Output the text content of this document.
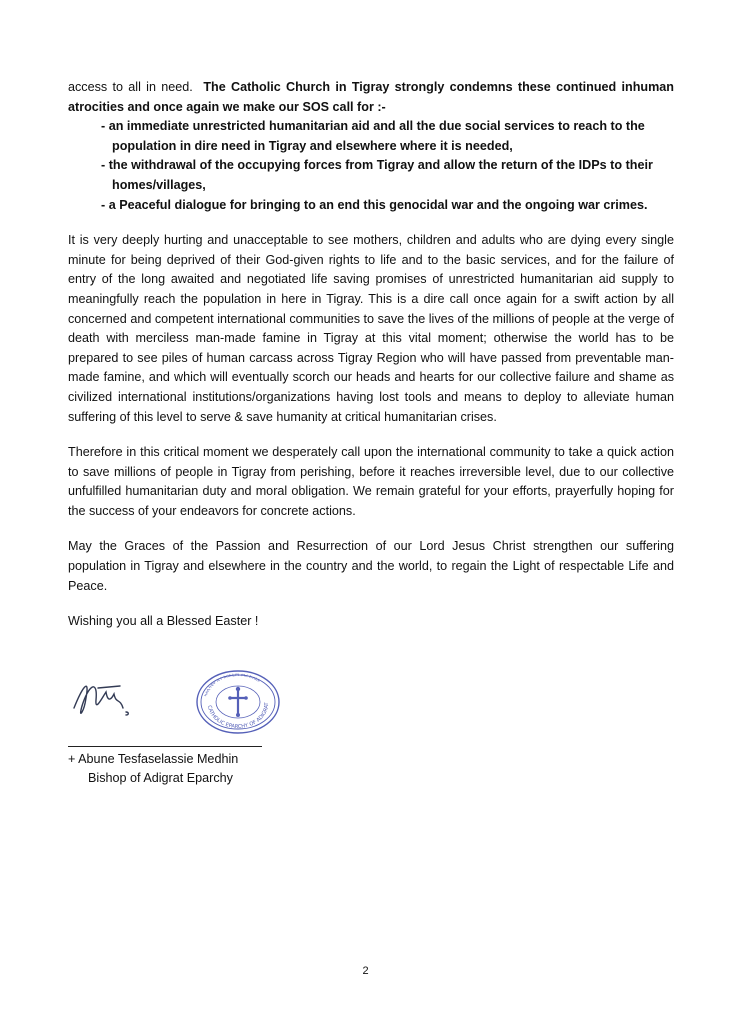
access to all in need. The Catholic Church in Tigray strongly condemns these continued inhuman atrocities and once again we make our SOS call for :-

- an immediate unrestricted humanitarian aid and all the due social services to reach to the population in dire need in Tigray and elsewhere where it is needed,
- the withdrawal of the occupying forces from Tigray and allow the return of the IDPs to their homes/villages,
- a Peaceful dialogue for bringing to an end this genocidal war and the ongoing war crimes.

It is very deeply hurting and unacceptable to see mothers, children and adults who are dying every single minute for being deprived of their God-given rights to life and to the basic services, and for the failure of entry of the long awaited and negotiated life saving promises of unrestricted humanitarian aid supply to meaningfully reach the population in here in Tigray. This is a dire call once again for a swift action by all concerned and competent international communities to save the lives of the millions of people at the verge of death with merciless man-made famine in Tigray at this vital moment; otherwise the world has to be prepared to see piles of human carcass across Tigray Region who will have passed from preventable man-made famine, and which will eventually scorch our heads and hearts for our collective failure and shame as civilized international institutions/organizations having lost tools and means to deploy to alleviate human suffering of this level to serve & save humanity at critical humanitarian crises.

Therefore in this critical moment we desperately call upon the international community to take a quick action to save millions of people in Tigray from perishing, before it reaches irreversible level, due to our collective unfulfilled humanitarian duty and moral obligation. We remain grateful for your efforts, prayerfully hoping for the success of your endeavors for concrete actions.

May the Graces of the Passion and Resurrection of our Lord Jesus Christ strengthen our suffering population in Tigray and elsewhere in the country and the world, to regain the Light of respectable Life and Peace.

Wishing you all a Blessed Easter !

ካቶሊካዊት ቤተ ክርስቲያን ሀገረ ስብከት
CATHOLIC EPARCHY OF ADIGRAT
+ Abune Tesfaselassie Medhin
Bishop of Adigrat Eparchy
2
